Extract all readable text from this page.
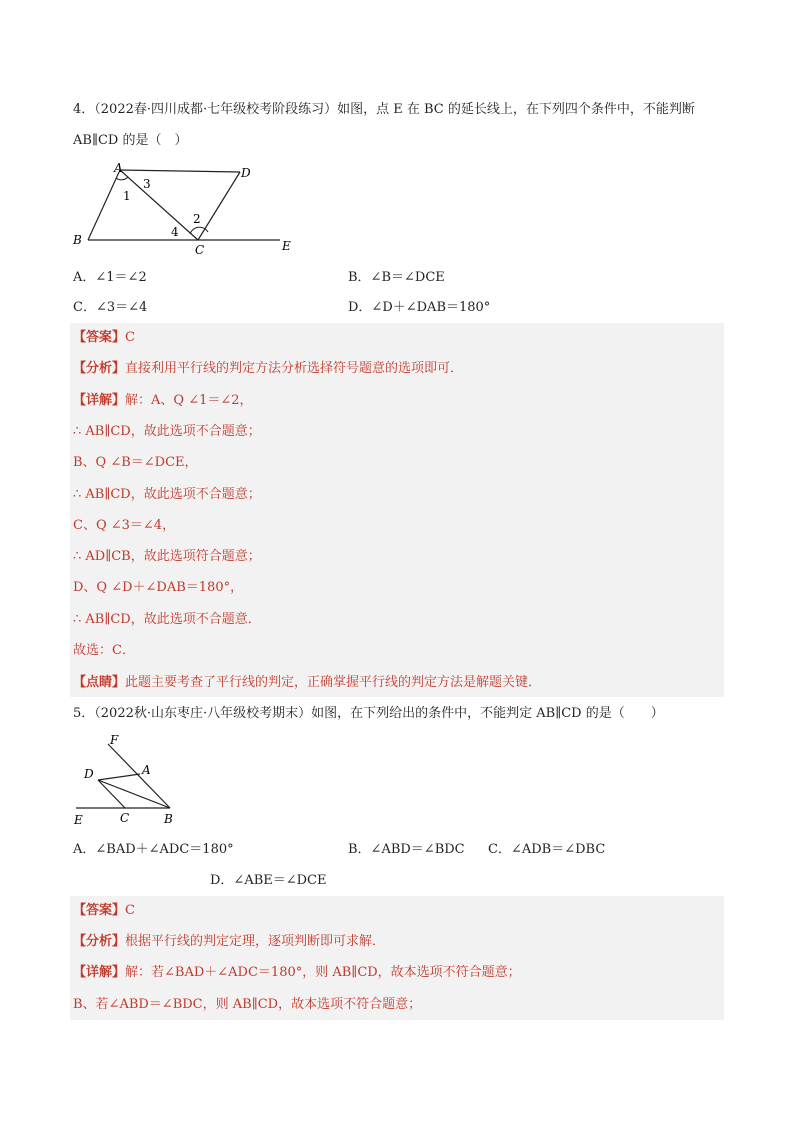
4．（2022春·四川成都·七年级校考阶段练习）如图，点 E 在 BC 的延长线上，在下列四个条件中，不能判断
AB∥CD 的是（　）
A	D
B
C	E
1
3
2
4
A．∠1＝∠2	B．∠B＝∠DCE
C．∠3＝∠4	D．∠D＋∠DAB＝180°
【答案】C
【分析】直接利用平行线的判定方法分析选择符号题意的选项即可．
【详解】解：A、Q ∠1＝∠2，
∴ AB∥CD，故此选项不合题意；
B、Q ∠B＝∠DCE，
∴ AB∥CD，故此选项不合题意；
C、Q ∠3＝∠4，
∴ AD∥CB，故此选项符合题意；
D、Q ∠D＋∠DAB＝180°，
∴ AB∥CD，故此选项不合题意．
故选：C．
【点睛】此题主要考查了平行线的判定，正确掌握平行线的判定方法是解题关键．
5．（2022秋·山东枣庄·八年级校考期末）如图，在下列给出的条件中，不能判定 AB∥CD 的是（　　）
F
A
D
E	C	B
A．∠BAD＋∠ADC＝180°	B．∠ABD＝∠BDC C．∠ADB＝∠DBC
D．∠ABE＝∠DCE
【答案】C
【分析】根据平行线的判定定理，逐项判断即可求解．
【详解】解：若∠BAD＋∠ADC＝180°，则 AB∥CD，故本选项不符合题意；
B、若∠ABD＝∠BDC，则 AB∥CD，故本选项不符合题意；
